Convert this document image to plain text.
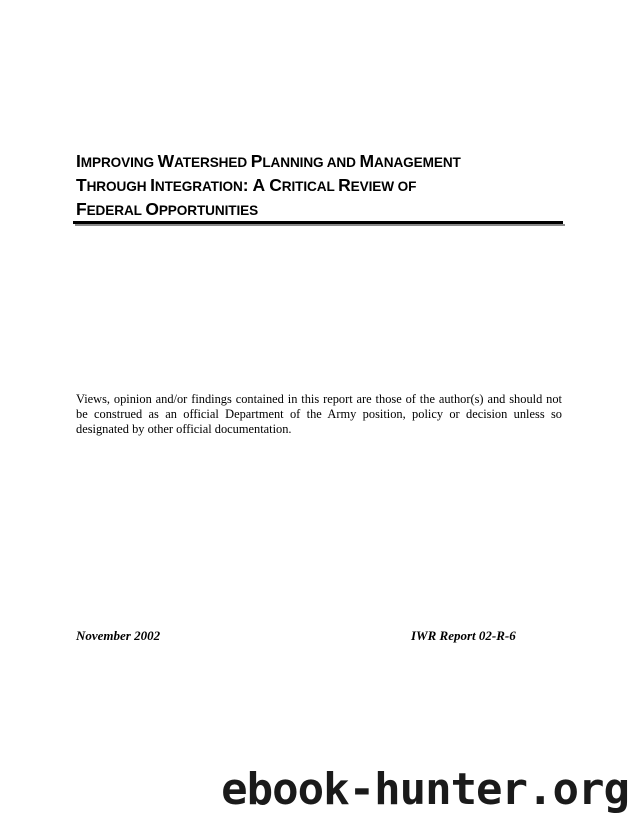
IMPROVING WATERSHED PLANNING AND MANAGEMENT
THROUGH INTEGRATION: A CRITICAL REVIEW OF
FEDERAL OPPORTUNITIES

Views, opinion and/or findings contained in this report are those of the author(s) and should not be construed as an official Department of the Army position, policy or decision unless so designated by other official documentation.

November 2002	IWR Report 02-R-6
ebook-hunter.org
